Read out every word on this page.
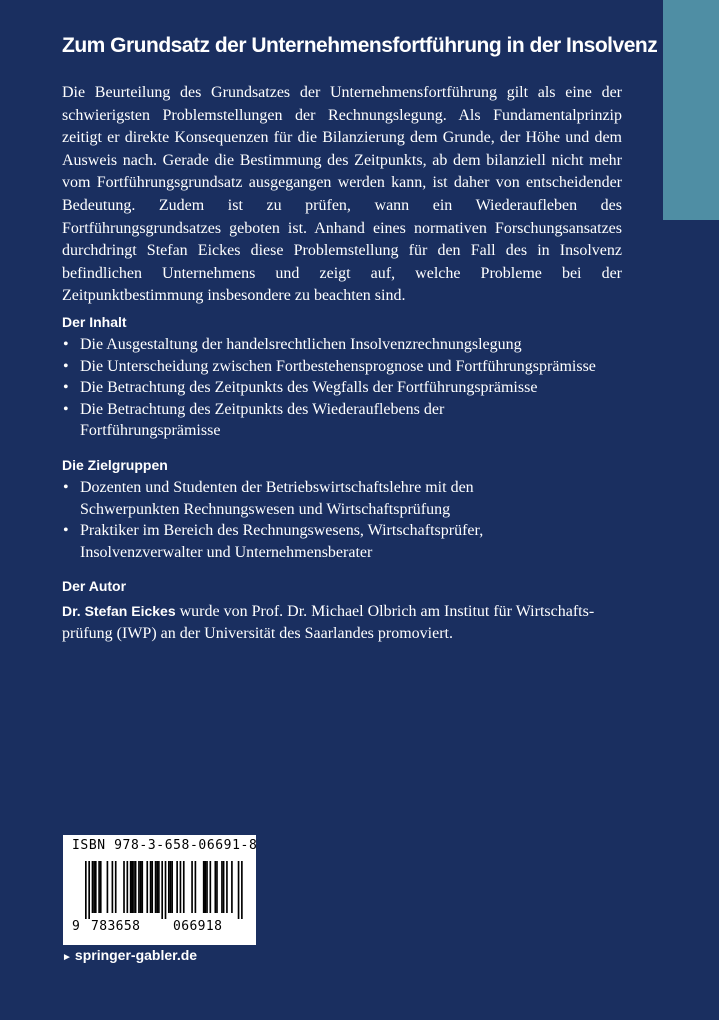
Zum Grundsatz der Unternehmensfortführung in der Insolvenz

Die Beurteilung des Grundsatzes der Unternehmensfortführung gilt als eine der schwierigsten Problemstellungen der Rechnungslegung. Als Fundamentalprinzip zeitigt er direkte Konsequenzen für die Bilanzierung dem Grunde, der Höhe und dem Ausweis nach. Gerade die Bestimmung des Zeitpunkts, ab dem bilanziell nicht mehr vom Fortführungsgrundsatz ausgegangen werden kann, ist daher von entscheidender Bedeutung. Zudem ist zu prüfen, wann ein Wiederaufleben des Fortführungsgrundsatzes geboten ist. Anhand eines normativen Forschungsansatzes durchdringt Stefan Eickes diese Problemstellung für den Fall des in Insolvenz befindlichen Unternehmens und zeigt auf, welche Probleme bei der Zeitpunktbestimmung insbesondere zu beachten sind.

Der Inhalt
• Die Ausgestaltung der handelsrechtlichen Insolvenzrechnungslegung
• Die Unterscheidung zwischen Fortbestehensprognose und Fortführungsprämisse
• Die Betrachtung des Zeitpunkts des Wegfalls der Fortführungsprämisse
• Die Betrachtung des Zeitpunkts des Wiederauflebens der Fortführungsprämisse
Die Zielgruppen
• Dozenten und Studenten der Betriebswirtschaftslehre mit den Schwerpunkten Rechnungswesen und Wirtschaftsprüfung
• Praktiker im Bereich des Rechnungswesens, Wirtschaftsprüfer, Insolvenzverwalter und Unternehmensberater
Der Autor

Dr. Stefan Eickes wurde von Prof. Dr. Michael Olbrich am Institut für Wirtschaftsprüfung (IWP) an der Universität des Saarlandes promoviert.

ISBN 978-3-658-06691-8
9 783658	066918
► springer-gabler.de
